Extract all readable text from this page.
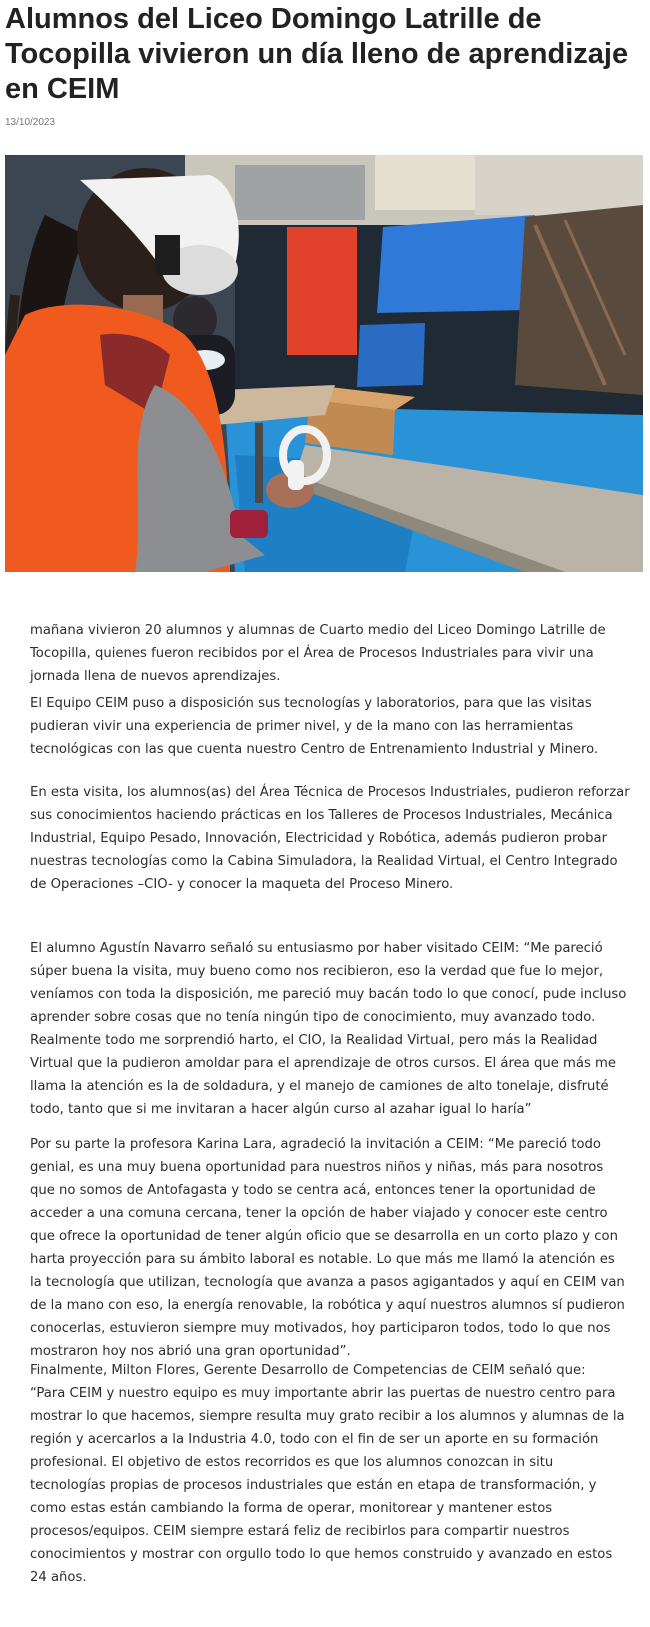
Alumnos del Liceo Domingo Latrille de Tocopilla vivieron un día lleno de aprendizaje en CEIM
13/10/2023

mañana vivieron 20 alumnos y alumnas de Cuarto medio del Liceo Domingo Latrille de Tocopilla, quienes fueron recibidos por el Área de Procesos Industriales para vivir una jornada llena de nuevos aprendizajes.

El Equipo CEIM puso a disposición sus tecnologías y laboratorios, para que las visitas pudieran vivir una experiencia de primer nivel, y de la mano con las herramientas tecnológicas con las que cuenta nuestro Centro de Entrenamiento Industrial y Minero.

En esta visita, los alumnos(as) del Área Técnica de Procesos Industriales, pudieron reforzar sus conocimientos haciendo prácticas en los Talleres de Procesos Industriales, Mecánica Industrial, Equipo Pesado, Innovación, Electricidad y Robótica, además pudieron probar nuestras tecnologías como la Cabina Simuladora, la Realidad Virtual, el Centro Integrado de Operaciones –CIO- y conocer la maqueta del Proceso Minero.

El alumno Agustín Navarro señaló su entusiasmo por haber visitado CEIM: “Me pareció súper buena la visita, muy bueno como nos recibieron, eso la verdad que fue lo mejor, veníamos con toda la disposición, me pareció muy bacán todo lo que conocí, pude incluso aprender sobre cosas que no tenía ningún tipo de conocimiento, muy avanzado todo. Realmente todo me sorprendió harto, el CIO, la Realidad Virtual, pero más la Realidad Virtual que la pudieron amoldar para el aprendizaje de otros cursos. El área que más me llama la atención es la de soldadura, y el manejo de camiones de alto tonelaje, disfruté todo, tanto que si me invitaran a hacer algún curso al azahar igual lo haría”

Por su parte la profesora Karina Lara, agradeció la invitación a CEIM: “Me pareció todo genial, es una muy buena oportunidad para nuestros niños y niñas, más para nosotros que no somos de Antofagasta y todo se centra acá, entonces tener la oportunidad de acceder a una comuna cercana, tener la opción de haber viajado y conocer este centro que ofrece la oportunidad de tener algún oficio que se desarrolla en un corto plazo y con harta proyección para su ámbito laboral es notable. Lo que más me llamó la atención es la tecnología que utilizan, tecnología que avanza a pasos agigantados y aquí en CEIM van de la mano con eso, la energía renovable, la robótica y aquí nuestros alumnos sí pudieron conocerlas, estuvieron siempre muy motivados, hoy participaron todos, todo lo que nos mostraron hoy nos abrió una gran oportunidad”.

Finalmente, Milton Flores, Gerente Desarrollo de Competencias de CEIM señaló que:

“Para CEIM y nuestro equipo es muy importante abrir las puertas de nuestro centro para mostrar lo que hacemos, siempre resulta muy grato recibir a los alumnos y alumnas de la región y acercarlos a la Industria 4.0, todo con el fin de ser un aporte en su formación profesional. El objetivo de estos recorridos es que los alumnos conozcan in situ tecnologías propias de procesos industriales que están en etapa de transformación, y como estas están cambiando la forma de operar, monitorear y mantener estos procesos/equipos. CEIM siempre estará feliz de recibirlos para compartir nuestros conocimientos y mostrar con orgullo todo lo que hemos construido y avanzado en estos 24 años.
